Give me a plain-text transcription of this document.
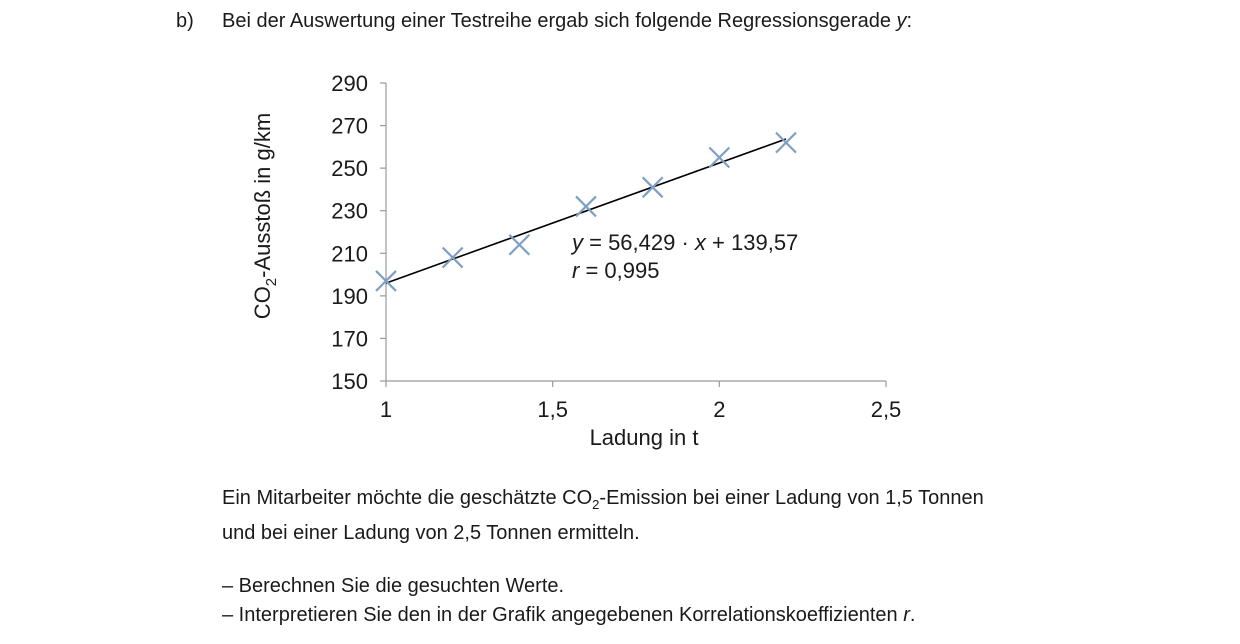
b) Bei der Auswertung einer Testreihe ergab sich folgende Regressionsgerade y:
150
170
190
210
230
250
270
290
1	1,5	2	2,5
$CO_2$-Ausstoß in g/km
Ladung in t
y = 56,429 · x + 139,57
r = 0,995
Ein Mitarbeiter möchte die geschätzte $CO_2$-Emission bei einer Ladung von 1,5 Tonnen
und bei einer Ladung von 2,5 Tonnen ermitteln.
– Berechnen Sie die gesuchten Werte.
– Interpretieren Sie den in der Grafik angegebenen Korrelationskoeffizienten r.
